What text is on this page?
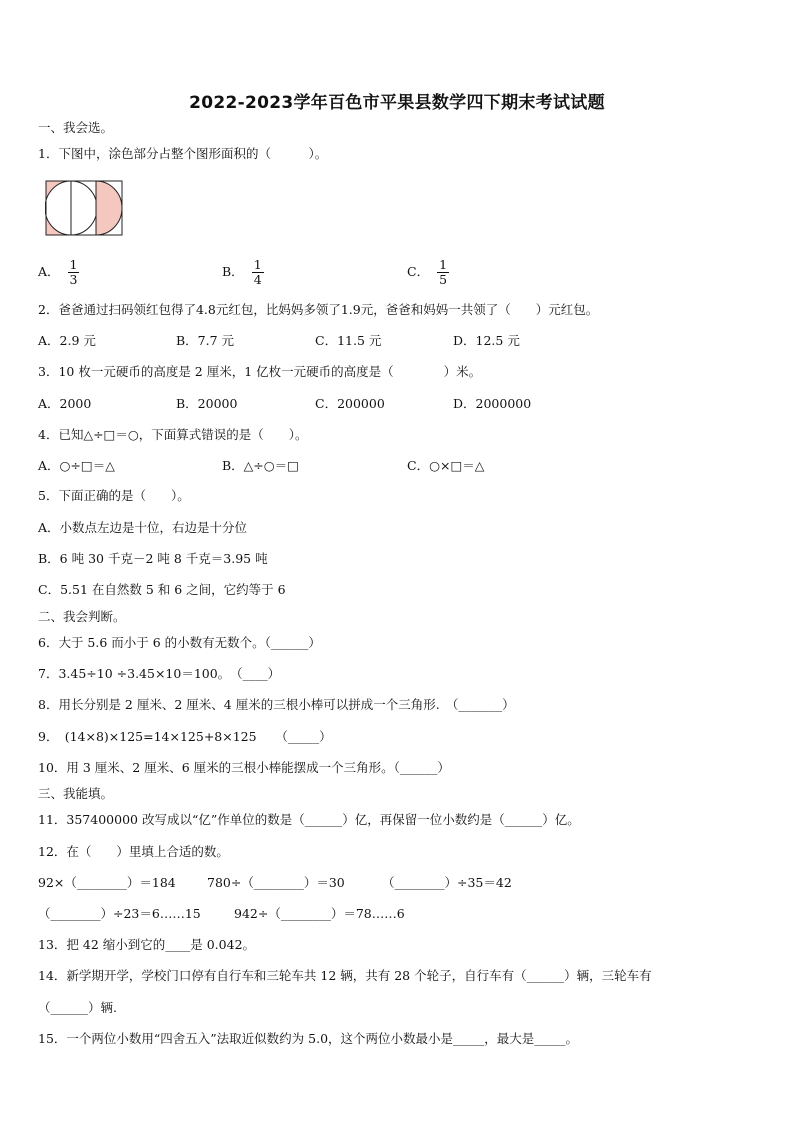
2022-2023学年百色市平果县数学四下期末考试试题
一、我会选。
1．下图中，涂色部分占整个图形面积的（　　　）。
A． $\frac{1}{3}$	B． $\frac{1}{4}$	C． $\frac{1}{5}$
2．爸爸通过扫码领红包得了4.8元红包，比妈妈多领了1.9元，爸爸和妈妈一共领了（　　）元红包。
A．2.9 元	B．7.7 元	C．11.5 元	D．12.5 元
3．10 枚一元硬币的高度是 2 厘米，1 亿枚一元硬币的高度是（　　　　）米。
A．2000	B．20000	C．200000	D．2000000
4．已知△÷□＝○，下面算式错误的是（　　）。
A．○÷□＝△	B．△÷○＝□	C．○×□＝△
5．下面正确的是（　　）。
A．小数点左边是十位，右边是十分位
B．6 吨 30 千克－2 吨 8 千克＝3.95 吨
C．5.51 在自然数 5 和 6 之间，它约等于 6
二、我会判断。
6．大于 5.6 而小于 6 的小数有无数个。（______）
7．3.45÷10 ÷3.45×10＝100。　（____）
8．用长分别是 2 厘米、2 厘米、4 厘米的三根小棒可以拼成一个三角形.　（_______）
9．　(14×8)×125=14×125+8×125　　（_____）
10．用 3 厘米、2 厘米、6 厘米的三根小棒能摆成一个三角形。（______）
三、我能填。
11．357400000 改写成以“亿”作单位的数是（______）亿，再保留一位小数约是（______）亿。
12．在（　　）里填上合适的数。
92×（________）＝184	780÷（________）＝30	（________）÷35＝42
（________）÷23＝6……15	942÷（________）＝78……6
13．把 42 缩小到它的____是 0.042。
14．新学期开学，学校门口停有自行车和三轮车共 12 辆，共有 28 个轮子，自行车有（______）辆，三轮车有
（______）辆.
15．一个两位小数用“四舍五入”法取近似数约为 5.0，这个两位小数最小是_____，最大是_____。
